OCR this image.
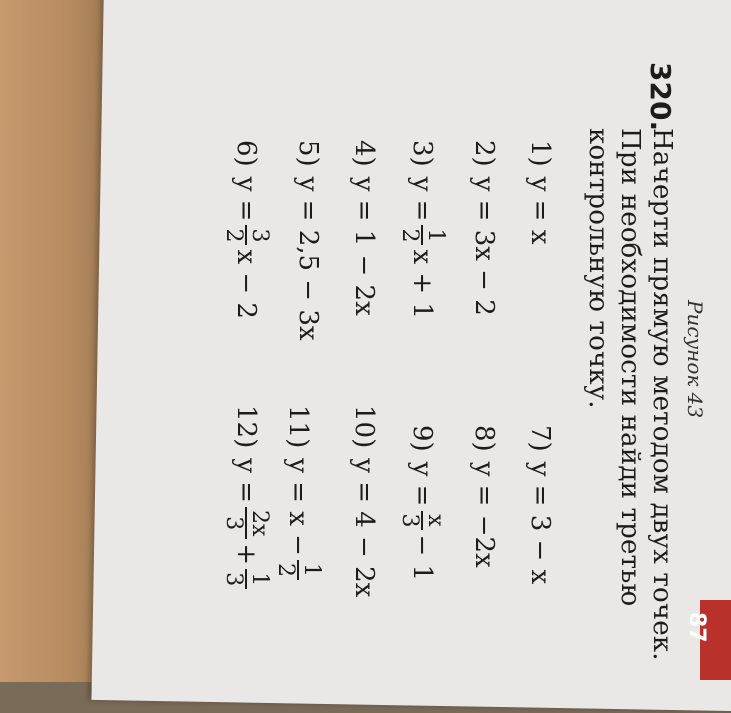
Рисунок 43
320.
Начерти прямую методом двух точек.
При необходимости найди третью
контрольную точку.
1)
y = x
2)
y = 3x − 2
3)
y =
1
2
x + 1
4)
y = 1 − 2x
5)
y = 2,5 − 3x
6)
y =
3
2
x − 2
7)
y = 3 − x
8)
y = −2x
9)
y =
x
3
− 1
10)
y = 4 − 2x
11)
y = x −
1
2
12)
y =
2x
3
+
1
3
87
